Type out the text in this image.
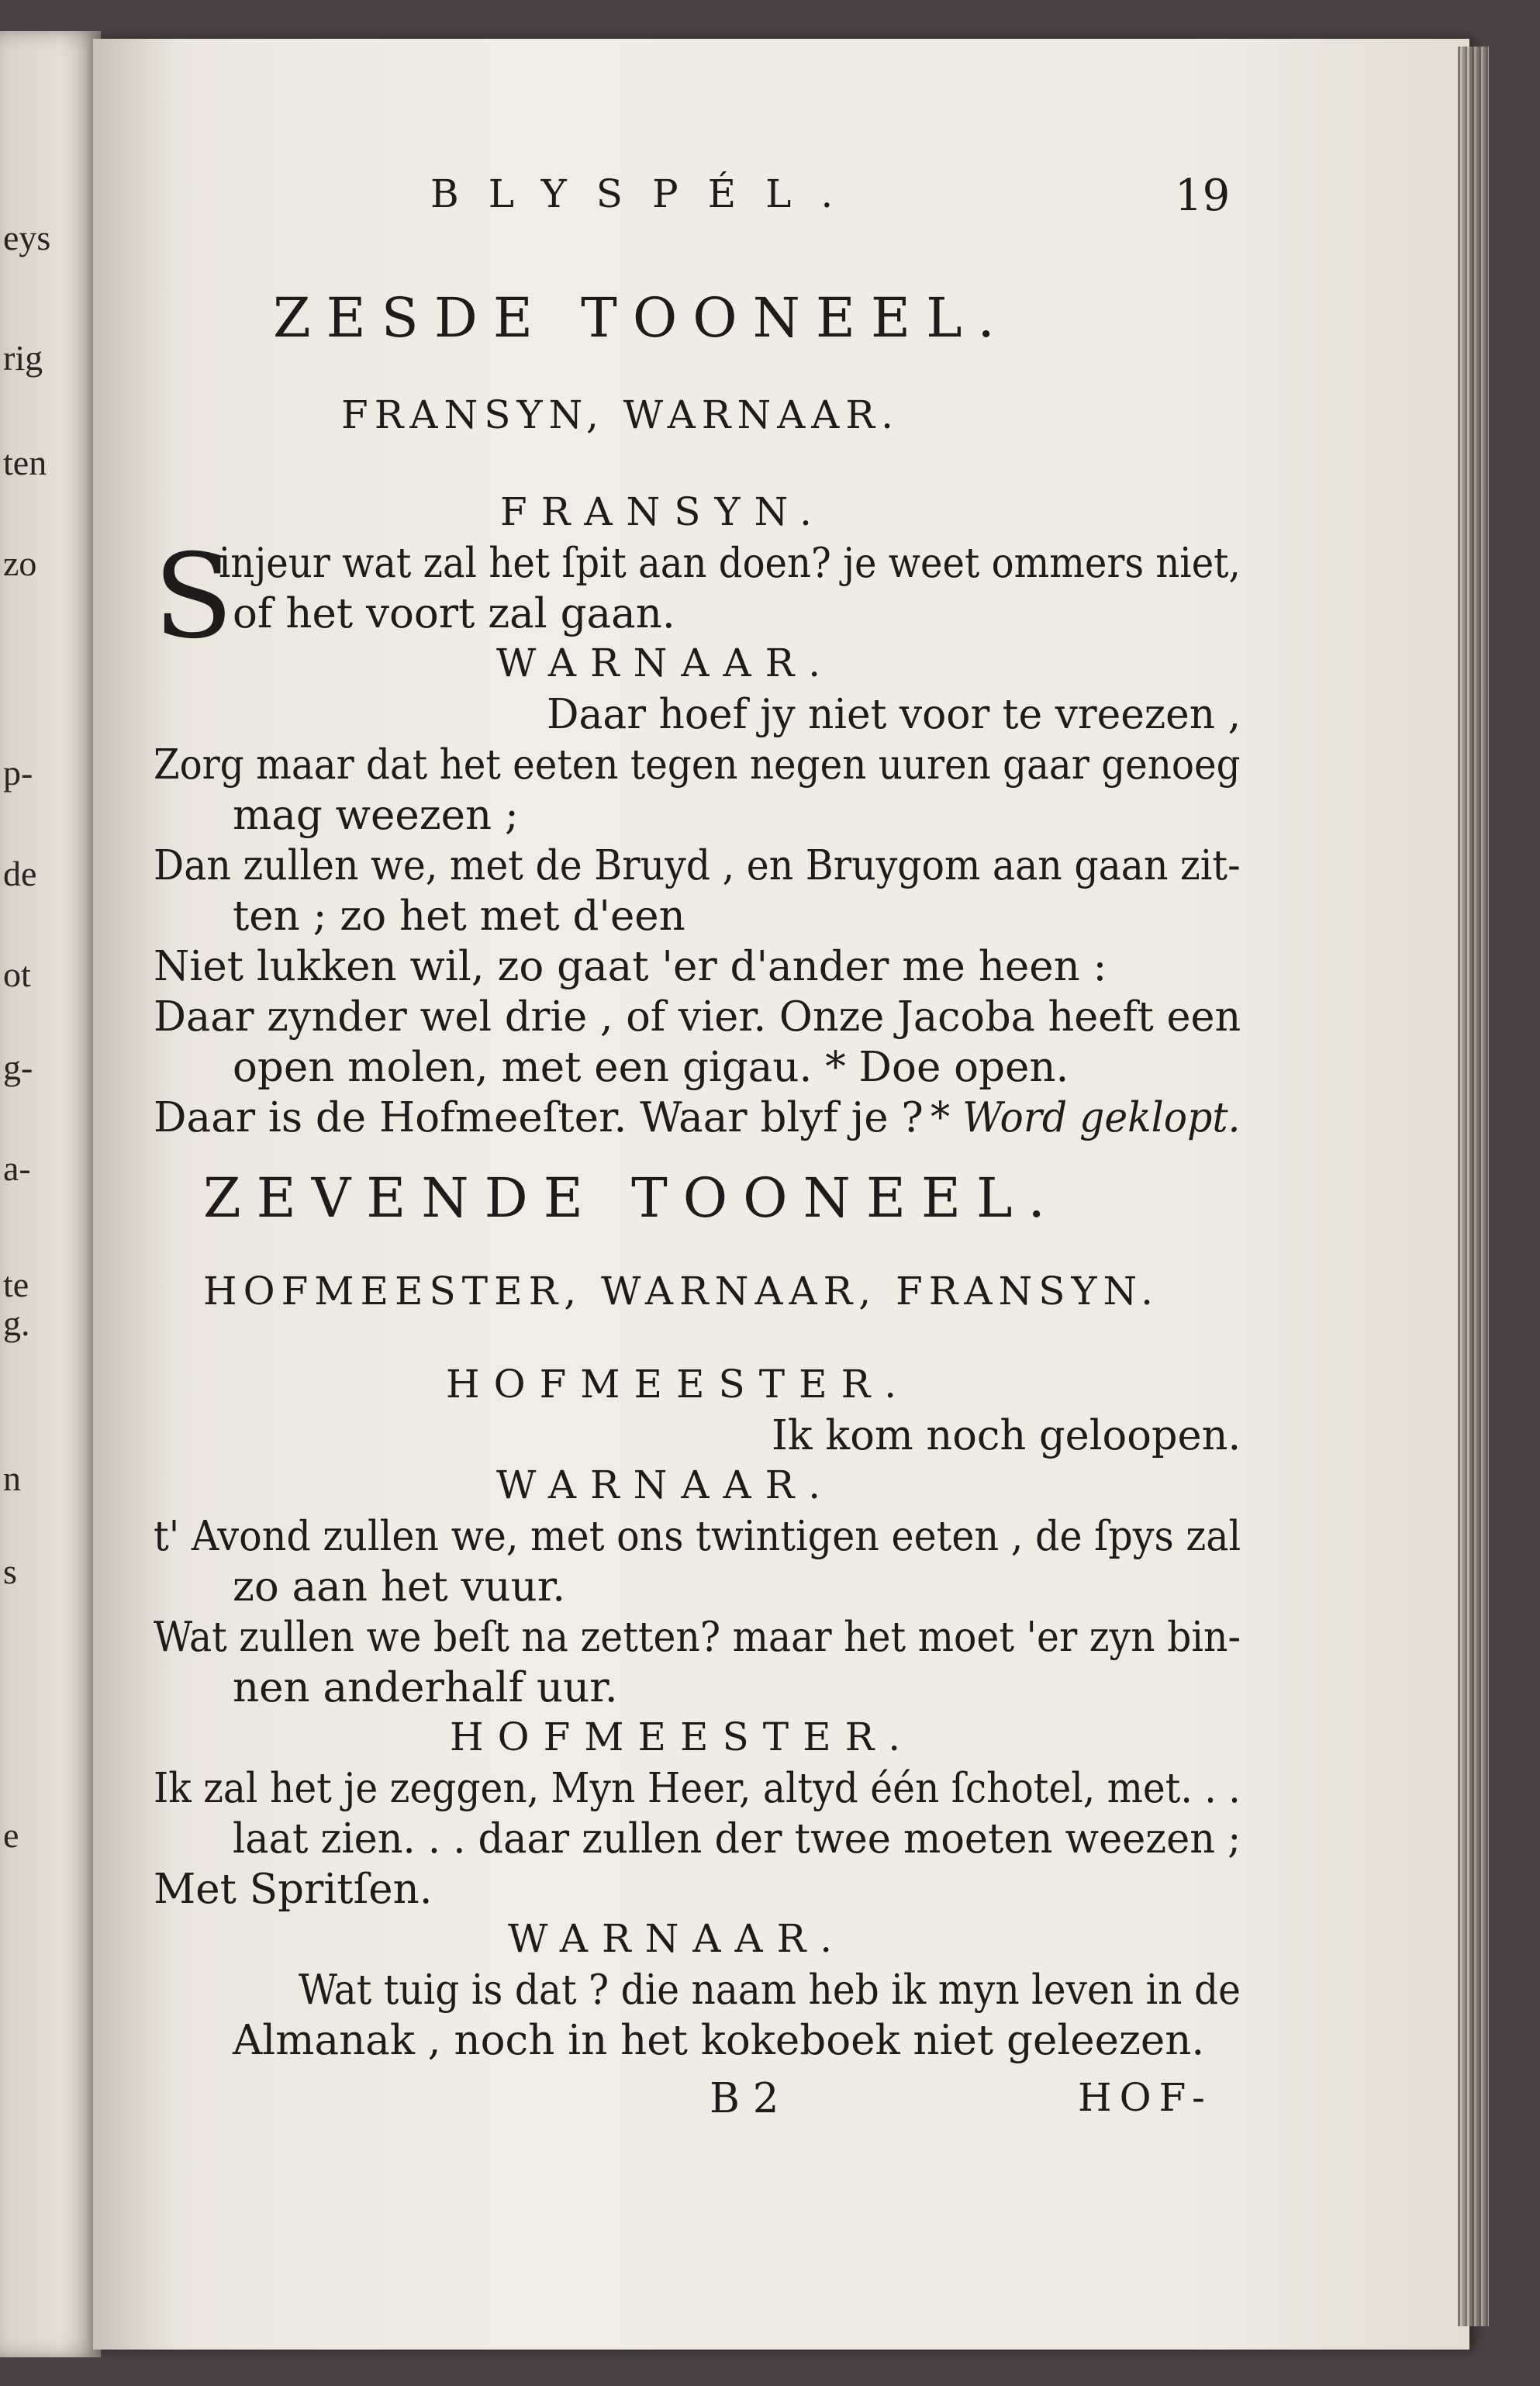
eys
rig
ten
zo
p-
de
ot
g-
a-
te
g.
n
s
e
BLYSPÉL.	19
ZESDE TOONEEL.
FRANSYN, WARNAAR.
FRANSYN.
S
injeur wat zal het ſpit aan doen? je weet ommers niet,
of het voort zal gaan.
WARNAAR.
Daar hoef jy niet voor te vreezen ,
Zorg maar dat het eeten tegen negen uuren gaar genoeg
mag weezen ;
Dan zullen we, met de Bruyd , en Bruygom aan gaan zit-
ten ; zo het met d'een
Niet lukken wil, zo gaat 'er d'ander me heen :
Daar zynder wel drie , of vier. Onze Jacoba heeft een
open molen, met een gigau. * Doe open.
Daar is de Hofmeeſter. Waar blyf je ? * Word geklopt.
ZEVENDE TOONEEL.
HOFMEESTER, WARNAAR, FRANSYN.
HOFMEESTER.
Ik kom noch geloopen.
WARNAAR.
t' Avond zullen we, met ons twintigen eeten , de ſpys zal
zo aan het vuur.
Wat zullen we beſt na zetten? maar het moet 'er zyn bin-
nen anderhalf uur.
HOFMEESTER.
Ik zal het je zeggen, Myn Heer, altyd één ſchotel, met. . .
laat zien. . . daar zullen der twee moeten weezen ;
Met Spritſen.
WARNAAR.
Wat tuig is dat ? die naam heb ik myn leven in de
Almanak , noch in het kokeboek niet geleezen.
B 2	HOF-
